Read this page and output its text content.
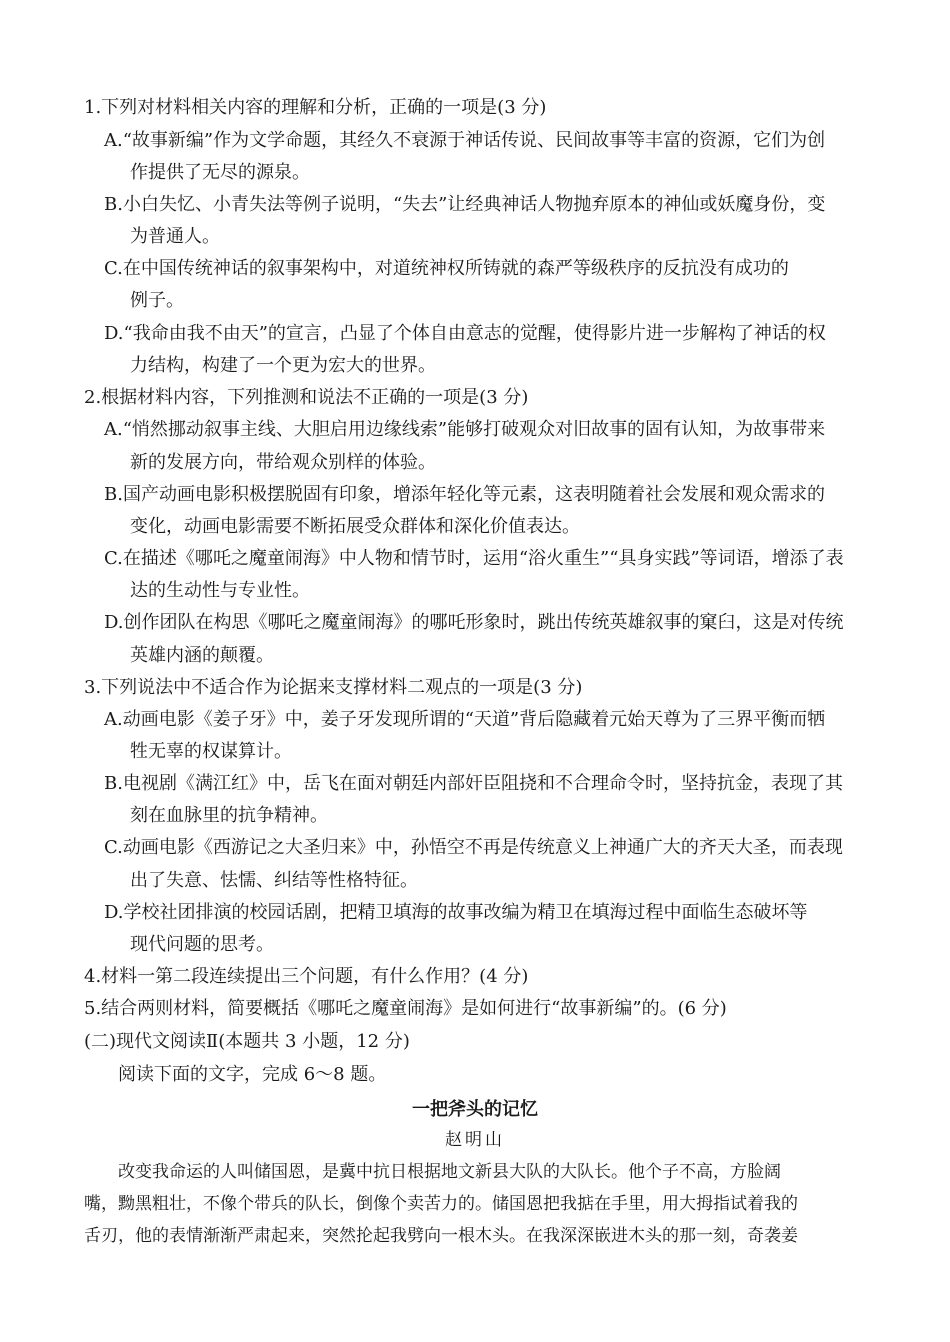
1.下列对材料相关内容的理解和分析，正确的一项是(3 分)
A.“故事新编”作为文学命题，其经久不衰源于神话传说、民间故事等丰富的资源，它们为创
作提供了无尽的源泉。
B.小白失忆、小青失法等例子说明，“失去”让经典神话人物抛弃原本的神仙或妖魔身份，变
为普通人。
C.在中国传统神话的叙事架构中，对道统神权所铸就的森严等级秩序的反抗没有成功的
例子。
D.“我命由我不由天”的宣言，凸显了个体自由意志的觉醒，使得影片进一步解构了神话的权
力结构，构建了一个更为宏大的世界。
2.根据材料内容，下列推测和说法不正确的一项是(3 分)
A.“悄然挪动叙事主线、大胆启用边缘线索”能够打破观众对旧故事的固有认知，为故事带来
新的发展方向，带给观众别样的体验。
B.国产动画电影积极摆脱固有印象，增添年轻化等元素，这表明随着社会发展和观众需求的
变化，动画电影需要不断拓展受众群体和深化价值表达。
C.在描述《哪吒之魔童闹海》中人物和情节时，运用“浴火重生”“具身实践”等词语，增添了表
达的生动性与专业性。
D.创作团队在构思《哪吒之魔童闹海》的哪吒形象时，跳出传统英雄叙事的窠臼，这是对传统
英雄内涵的颠覆。
3.下列说法中不适合作为论据来支撑材料二观点的一项是(3 分)
A.动画电影《姜子牙》中，姜子牙发现所谓的“天道”背后隐藏着元始天尊为了三界平衡而牺
牲无辜的权谋算计。
B.电视剧《满江红》中，岳飞在面对朝廷内部奸臣阻挠和不合理命令时，坚持抗金，表现了其
刻在血脉里的抗争精神。
C.动画电影《西游记之大圣归来》中，孙悟空不再是传统意义上神通广大的齐天大圣，而表现
出了失意、怯懦、纠结等性格特征。
D.学校社团排演的校园话剧，把精卫填海的故事改编为精卫在填海过程中面临生态破坏等
现代问题的思考。
4.材料一第二段连续提出三个问题，有什么作用？(4 分)
5.结合两则材料，简要概括《哪吒之魔童闹海》是如何进行“故事新编”的。(6 分)
(二)现代文阅读Ⅱ(本题共 3 小题，12 分)
阅读下面的文字，完成 6～8 题。
一把斧头的记忆
赵明山
　　改变我命运的人叫储国恩，是冀中抗日根据地文新县大队的大队长。他个子不高，方脸阔
嘴，黝黑粗壮，不像个带兵的队长，倒像个卖苦力的。储国恩把我掂在手里，用大拇指试着我的
舌刃，他的表情渐渐严肃起来，突然抡起我劈向一根木头。在我深深嵌进木头的那一刻，奇袭姜
